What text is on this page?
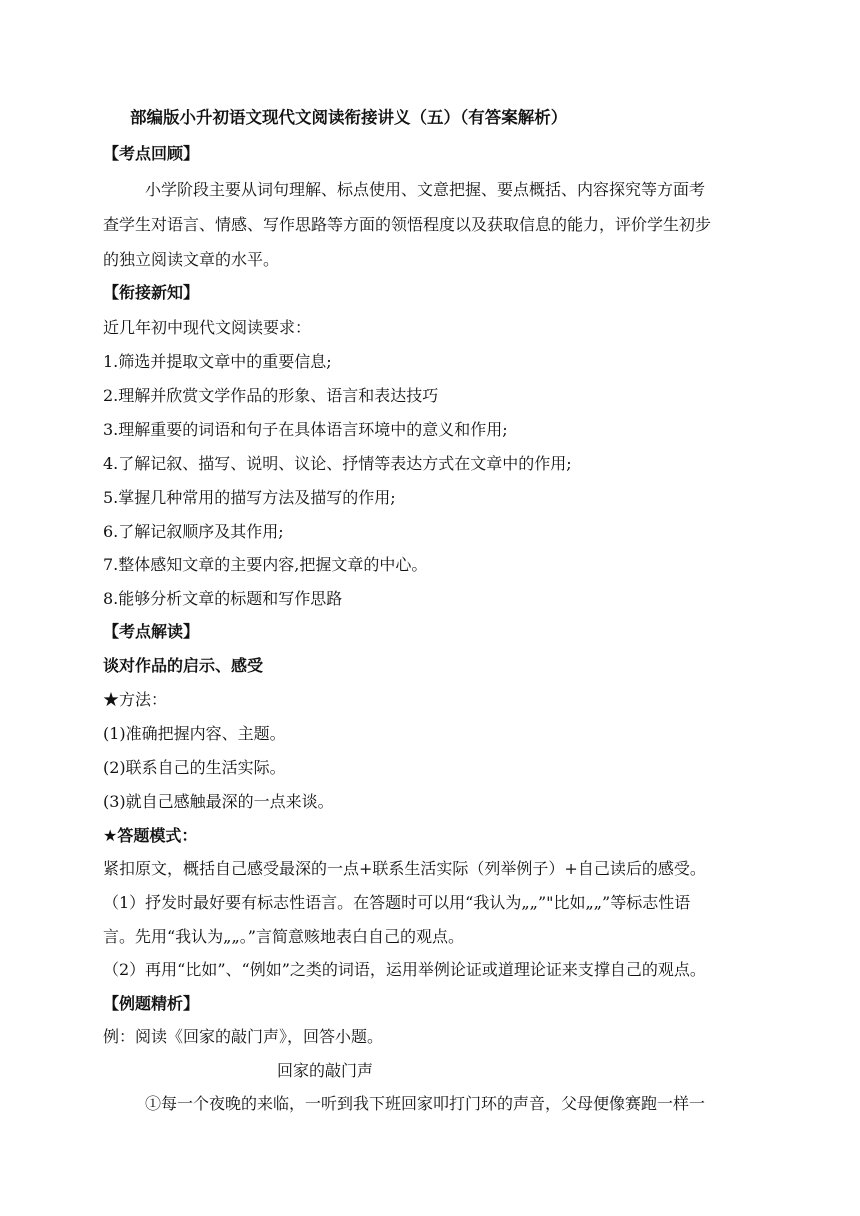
部编版小升初语文现代文阅读衔接讲义（五）（有答案解析）
【考点回顾】
小学阶段主要从词句理解、标点使用、文意把握、要点概括、内容探究等方面考
查学生对语言、情感、写作思路等方面的领悟程度以及获取信息的能力，评价学生初步
的独立阅读文章的水平。
【衔接新知】
近几年初中现代文阅读要求：
1.筛选并提取文章中的重要信息;
2.理解并欣赏文学作品的形象、语言和表达技巧
3.理解重要的词语和句子在具体语言环境中的意义和作用;
4.了解记叙、描写、说明、议论、抒情等表达方式在文章中的作用;
5.掌握几种常用的描写方法及描写的作用;
6.了解记叙顺序及其作用;
7.整体感知文章的主要内容,把握文章的中心。
8.能够分析文章的标题和写作思路
【考点解读】
谈对作品的启示、感受
★方法：
(1)准确把握内容、主题。
(2)联系自己的生活实际。
(3)就自己感触最深的一点来谈。
★答题模式：
紧扣原文，概括自己感受最深的一点+联系生活实际（列举例子）+自己读后的感受。
（1）抒发时最好要有标志性语言。在答题时可以用“我认为„„”"比如„„”等标志性语
言。先用“我认为„„。”言简意赅地表白自己的观点。
（2）再用“比如”、“例如”之类的词语，运用举例论证或道理论证来支撑自己的观点。
【例题精析】
例：阅读《回家的敲门声》，回答小题。
回家的敲门声
①每一个夜晚的来临，一听到我下班回家叩打门环的声音，父母便像赛跑一样一
